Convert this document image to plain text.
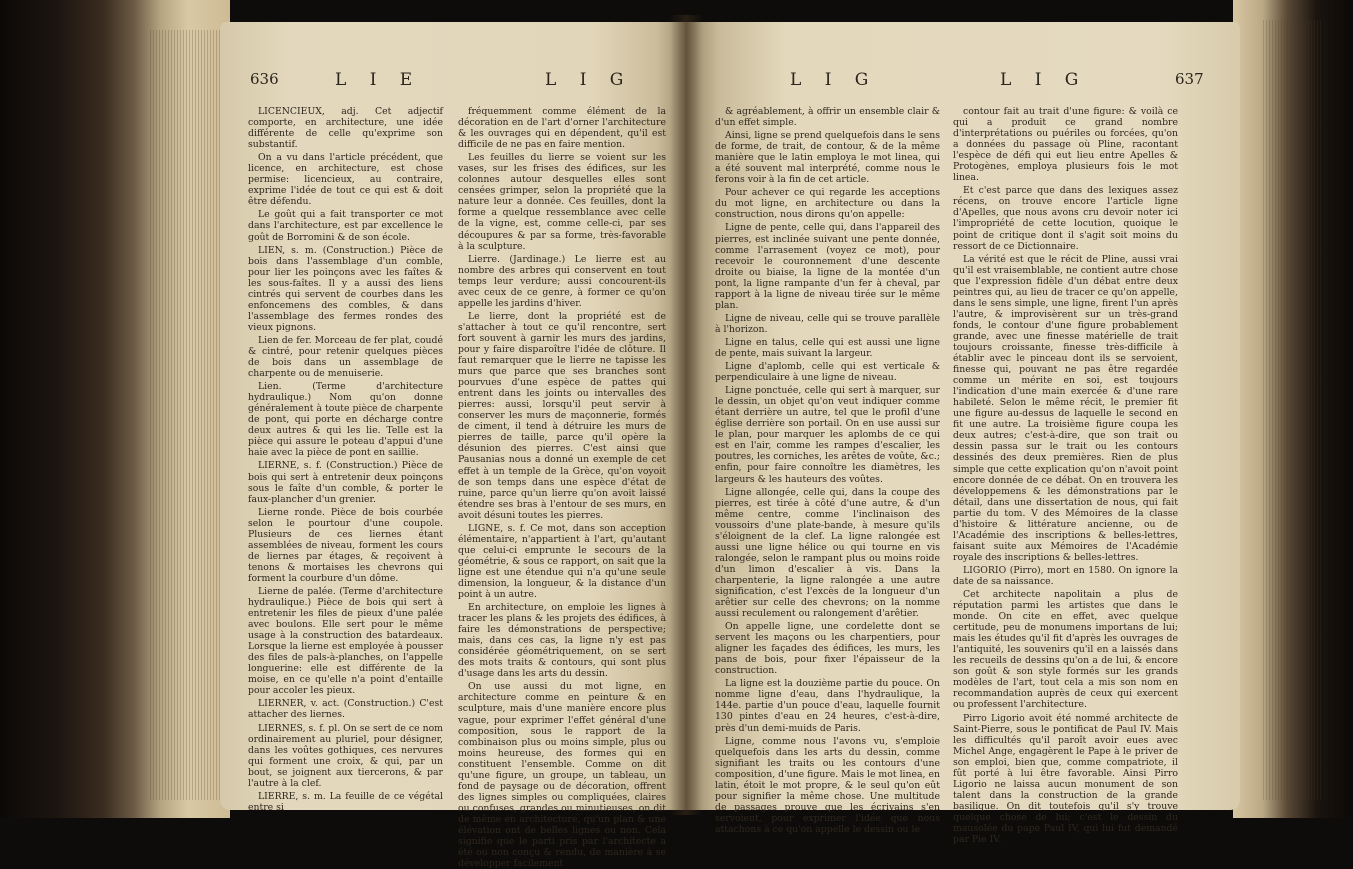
636	L I E	L I G

LICENCIEUX, adj. Cet adjectif comporte, en architecture, une idée différente de celle qu'exprime son substantif.

On a vu dans l'article précédent, que licence, en architecture, est chose permise: licencieux, au contraire, exprime l'idée de tout ce qui est & doit être défendu.

Le goût qui a fait transporter ce mot dans l'architecture, est par excellence le goût de Borromini & de son école.

LIEN, s. m. (Construction.) Pièce de bois dans l'assemblage d'un comble, pour lier les poinçons avec les faîtes & les sous-faîtes. Il y a aussi des liens cintrés qui servent de courbes dans les enfoncemens des combles, & dans l'assemblage des fermes rondes des vieux pignons.

Lien de fer. Morceau de fer plat, coudé & cintré, pour retenir quelques pièces de bois dans un assemblage de charpente ou de menuiserie.

Lien. (Terme d'architecture hydraulique.) Nom qu'on donne généralement à toute pièce de charpente de pont, qui porte en décharge contre deux autres & qui les lie. Telle est la pièce qui assure le poteau d'appui d'une haie avec la pièce de pont en saillie.

LIERNE, s. f. (Construction.) Pièce de bois qui sert à entretenir deux poinçons sous le faîte d'un comble, & porter le faux-plancher d'un grenier.

Lierne ronde. Pièce de bois courbée selon le pourtour d'une coupole. Plusieurs de ces liernes étant assemblées de niveau, forment les cours de liernes par étages, & reçoivent à tenons & mortaises les chevrons qui forment la courbure d'un dôme.

Lierne de palée. (Terme d'architecture hydraulique.) Pièce de bois qui sert à entretenir les files de pieux d'une palée avec boulons. Elle sert pour le même usage à la construction des batardeaux. Lorsque la lierne est employée à pousser des files de pals-à-planches, on l'appelle longuerine: elle est différente de la moise, en ce qu'elle n'a point d'entaille pour accoler les pieux.

LIERNER, v. act. (Construction.) C'est attacher des liernes.

LIERNES, s. f. pl. On se sert de ce nom ordinairement au pluriel, pour désigner, dans les voûtes gothiques, ces nervures qui forment une croix, & qui, par un bout, se joignent aux tiercerons, & par l'autre à la clef.

LIERRE, s. m. La feuille de ce végétal entre si

fréquemment comme élément de la décoration en de l'art d'orner l'architecture & les ouvrages qui en dépendent, qu'il est difficile de ne pas en faire mention.

Les feuilles du lierre se voient sur les vases, sur les frises des édifices, sur les colonnes autour desquelles elles sont censées grimper, selon la propriété que la nature leur a donnée. Ces feuilles, dont la forme a quelque ressemblance avec celle de la vigne, est, comme celle-ci, par ses découpures & par sa forme, très-favorable à la sculpture.

Lierre. (Jardinage.) Le lierre est au nombre des arbres qui conservent en tout temps leur verdure; aussi concourent-ils avec ceux de ce genre, à former ce qu'on appelle les jardins d'hiver.

Le lierre, dont la propriété est de s'attacher à tout ce qu'il rencontre, sert fort souvent à garnir les murs des jardins, pour y faire disparoître l'idée de clôture. Il faut remarquer que le lierre ne tapisse les murs que parce que ses branches sont pourvues d'une espèce de pattes qui entrent dans les joints ou intervalles des pierres: aussi, lorsqu'il peut servir à conserver les murs de maçonnerie, formés de ciment, il tend à détruire les murs de pierres de taille, parce qu'il opère la désunion des pierres. C'est ainsi que Pausanias nous a donné un exemple de cet effet à un temple de la Grèce, qu'on voyoit de son temps dans une espèce d'état de ruine, parce qu'un lierre qu'on avoit laissé étendre ses bras à l'entour de ses murs, en avoit désuni toutes les pierres.

LIGNE, s. f. Ce mot, dans son acception élémentaire, n'appartient à l'art, qu'autant que celui-ci emprunte le secours de la géométrie, & sous ce rapport, on sait que la ligne est une étendue qui n'a qu'une seule dimension, la longueur, & la distance d'un point à un autre.

En architecture, on emploie les lignes à tracer les plans & les projets des édifices, à faire les démonstrations de perspective; mais, dans ces cas, la ligne n'y est pas considérée géométriquement, on se sert des mots traits & contours, qui sont plus d'usage dans les arts du dessin.

On use aussi du mot ligne, en architecture comme en peinture & en sculpture, mais d'une manière encore plus vague, pour exprimer l'effet général d'une composition, sous le rapport de la combinaison plus ou moins simple, plus ou moins heureuse, des formes qui en constituent l'ensemble. Comme on dit qu'une figure, un groupe, un tableau, un fond de paysage ou de décoration, offrent des lignes simples ou compliquées, claires ou confuses, grandes ou minutieuses, on dit de même en architecture, qu'un plan & une élévation ont de belles lignes ou non. Cela signifie que le parti pris par l'architecte a été ou non conçu & rendu, de manière à se développer facilement

L I G	L I G	637

& agréablement, à offrir un ensemble clair & d'un effet simple.

Ainsi, ligne se prend quelquefois dans le sens de forme, de trait, de contour, & de la même manière que le latin employa le mot linea, qui a été souvent mal interprété, comme nous le ferons voir à la fin de cet article.

Pour achever ce qui regarde les acceptions du mot ligne, en architecture ou dans la construction, nous dirons qu'on appelle:

Ligne de pente, celle qui, dans l'appareil des pierres, est inclinée suivant une pente donnée, comme l'arrasement (voyez ce mot), pour recevoir le couronnement d'une descente droite ou biaise, la ligne de la montée d'un pont, la ligne rampante d'un fer à cheval, par rapport à la ligne de niveau tirée sur le même plan.

Ligne de niveau, celle qui se trouve parallèle à l'horizon.

Ligne en talus, celle qui est aussi une ligne de pente, mais suivant la largeur.

Ligne d'aplomb, celle qui est verticale & perpendiculaire à une ligne de niveau.

Ligne ponctuée, celle qui sert à marquer, sur le dessin, un objet qu'on veut indiquer comme étant derrière un autre, tel que le profil d'une église derrière son portail. On en use aussi sur le plan, pour marquer les aplombs de ce qui est en l'air, comme les rampes d'escalier, les poutres, les corniches, les arêtes de voûte, &c.; enfin, pour faire connoître les diamètres, les largeurs & les hauteurs des voûtes.

Ligne allongée, celle qui, dans la coupe des pierres, est tirée à côté d'une autre, & d'un même centre, comme l'inclinaison des voussoirs d'une plate-bande, à mesure qu'ils s'éloignent de la clef. La ligne ralongée est aussi une ligne hélice ou qui tourne en vis ralongée, selon le rampant plus ou moins roide d'un limon d'escalier à vis. Dans la charpenterie, la ligne ralongée a une autre signification, c'est l'excès de la longueur d'un arêtier sur celle des chevrons; on la nomme aussi reculement ou ralongement d'arêtier.

On appelle ligne, une cordelette dont se servent les maçons ou les charpentiers, pour aligner les façades des édifices, les murs, les pans de bois, pour fixer l'épaisseur de la construction.

La ligne est la douzième partie du pouce. On nomme ligne d'eau, dans l'hydraulique, la 144e. partie d'un pouce d'eau, laquelle fournit 130 pintes d'eau en 24 heures, c'est-à-dire, près d'un demi-muids de Paris.

Ligne, comme nous l'avons vu, s'emploie quelquefois dans les arts du dessin, comme signifiant les traits ou les contours d'une composition, d'une figure. Mais le mot linea, en latin, étoit le mot propre, & le seul qu'on eût pour signifier la même chose. Une multitude de passages prouve que les écrivains s'en servoient, pour exprimer l'idée que nous attachons à ce qu'on appelle le dessin ou le

contour fait au trait d'une figure: & voilà ce qui a produit ce grand nombre d'interprétations ou puériles ou forcées, qu'on a données du passage où Pline, racontant l'espèce de défi qui eut lieu entre Apelles & Protogènes, employa plusieurs fois le mot linea.

Et c'est parce que dans des lexiques assez récens, on trouve encore l'article ligne d'Apelles, que nous avons cru devoir noter ici l'impropriété de cette locution, quoique le point de critique dont il s'agit soit moins du ressort de ce Dictionnaire.

La vérité est que le récit de Pline, aussi vrai qu'il est vraisemblable, ne contient autre chose que l'expression fidèle d'un débat entre deux peintres qui, au lieu de tracer ce qu'on appelle, dans le sens simple, une ligne, firent l'un après l'autre, & improvisèrent sur un très-grand fonds, le contour d'une figure probablement grande, avec une finesse matérielle de trait toujours croissante, finesse très-difficile à établir avec le pinceau dont ils se servoient, finesse qui, pouvant ne pas être regardée comme un mérite en soi, est toujours l'indication d'une main exercée & d'une rare habileté. Selon le même récit, le premier fit une figure au-dessus de laquelle le second en fit une autre. La troisième figure coupa les deux autres; c'est-à-dire, que son trait ou dessin passa sur le trait ou les contours dessinés des deux premières. Rien de plus simple que cette explication qu'on n'avoit point encore donnée de ce débat. On en trouvera les développemens & les démonstrations par le détail, dans une dissertation de nous, qui fait partie du tom. V des Mémoires de la classe d'histoire & littérature ancienne, ou de l'Académie des inscriptions & belles-lettres, faisant suite aux Mémoires de l'Académie royale des inscriptions & belles-lettres.

LIGORIO (Pirro), mort en 1580. On ignore la date de sa naissance.

Cet architecte napolitain a plus de réputation parmi les artistes que dans le monde. On cite en effet, avec quelque certitude, peu de monumens importans de lui; mais les études qu'il fit d'après les ouvrages de l'antiquité, les souvenirs qu'il en a laissés dans les recueils de dessins qu'on a de lui, & encore son goût & son style formés sur les grands modèles de l'art, tout cela a mis son nom en recommandation auprès de ceux qui exercent ou professent l'architecture.

Pirro Ligorio avoit été nommé architecte de Saint-Pierre, sous le pontificat de Paul IV. Mais les difficultés qu'il paroît avoir eues avec Michel Ange, engagèrent le Pape à le priver de son emploi, bien que, comme compatriote, il fût porté à lui être favorable. Ainsi Pirro Ligorio ne laissa aucun monument de son talent dans la construction de la grande basilique. On dit toutefois qu'il s'y trouve quelque chose de lui; c'est le dessin du mausolée du pape Paul IV, qui lui fut demandé par Pie IV.
